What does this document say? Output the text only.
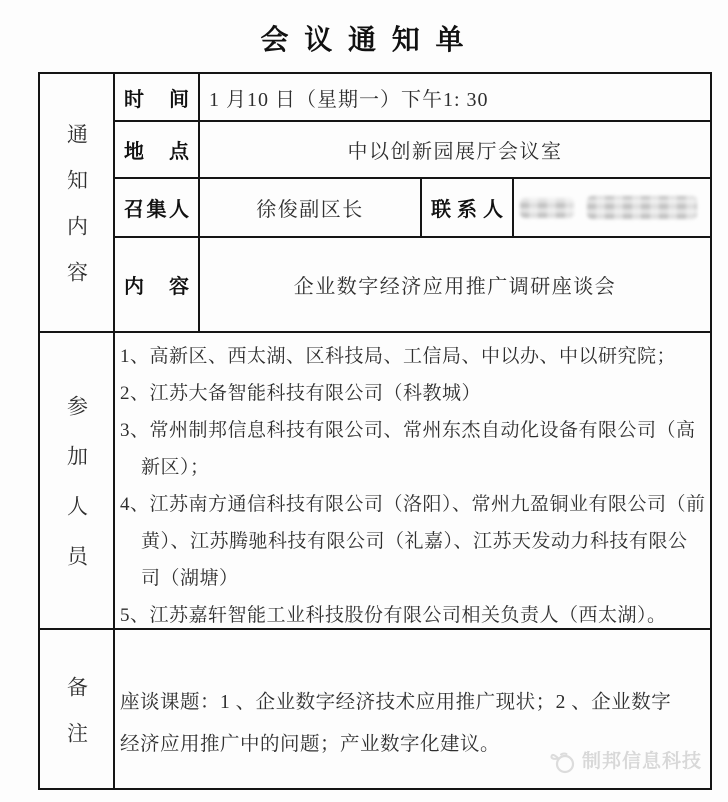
会 议 通 知 单
通知内容
时间	1 月10 日（星期一）下午1: 30
地点	中以创新园展厅会议室
召集人	徐俊副区长	联系人
内容	企业数字经济应用推广调研座谈会
参加人员

1、高新区、西太湖、区科技局、工信局、中以办、中以研究院；

2、江苏大备智能科技有限公司（科教城）

3、常州制邦信息科技有限公司、常州东杰自动化设备有限公司（高新区）；

4、江苏南方通信科技有限公司（洛阳）、常州九盈铜业有限公司（前黄）、江苏腾驰科技有限公司（礼嘉）、江苏天发动力科技有限公司（湖塘）

5、江苏嘉轩智能工业科技股份有限公司相关负责人（西太湖）。

备注 座谈课题：1 、企业数字经济技术应用推广现状；2 、企业数字经济应用推广中的问题；产业数字化建议。
制邦信息科技
